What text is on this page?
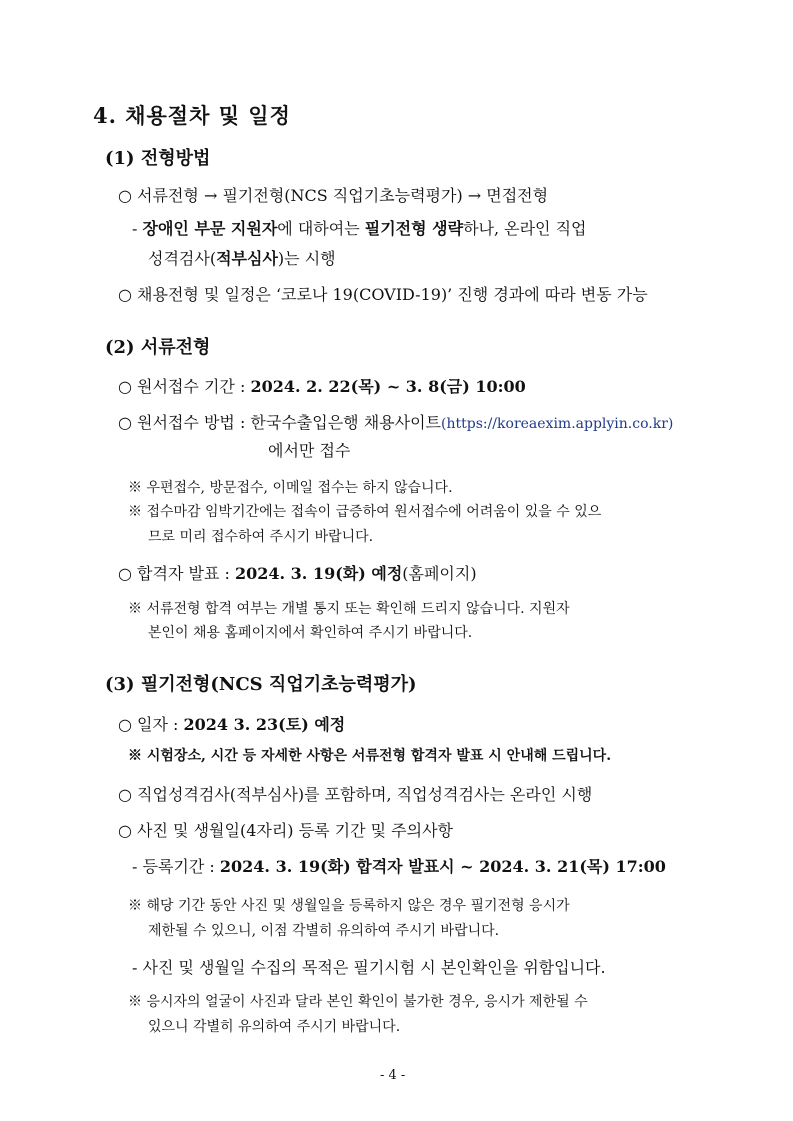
4. 채용절차 및 일정
(1) 전형방법
○ 서류전형 → 필기전형(NCS 직업기초능력평가) → 면접전형
- 장애인 부문 지원자에 대하여는 필기전형 생략하나, 온라인 직업
성격검사(적부심사)는 시행
○ 채용전형 및 일정은 ‘코로나 19(COVID-19)’ 진행 경과에 따라 변동 가능
(2) 서류전형
○ 원서접수 기간 : 2024. 2. 22(목) ~ 3. 8(금) 10:00
○ 원서접수 방법 : 한국수출입은행 채용사이트(https://koreaexim.applyin.co.kr)
에서만 접수
※ 우편접수, 방문접수, 이메일 접수는 하지 않습니다.
※ 접수마감 임박기간에는 접속이 급증하여 원서접수에 어려움이 있을 수 있으
므로 미리 접수하여 주시기 바랍니다.
○ 합격자 발표 : 2024. 3. 19(화) 예정(홈페이지)
※ 서류전형 합격 여부는 개별 통지 또는 확인해 드리지 않습니다. 지원자
본인이 채용 홈페이지에서 확인하여 주시기 바랍니다.
(3) 필기전형(NCS 직업기초능력평가)
○ 일자 : 2024 3. 23(토) 예정
※ 시험장소, 시간 등 자세한 사항은 서류전형 합격자 발표 시 안내해 드립니다.
○ 직업성격검사(적부심사)를 포함하며, 직업성격검사는 온라인 시행
○ 사진 및 생월일(4자리) 등록 기간 및 주의사항
- 등록기간 : 2024. 3. 19(화) 합격자 발표시 ~ 2024. 3. 21(목) 17:00
※ 해당 기간 동안 사진 및 생월일을 등록하지 않은 경우 필기전형 응시가
제한될 수 있으니, 이점 각별히 유의하여 주시기 바랍니다.
- 사진 및 생월일 수집의 목적은 필기시험 시 본인확인을 위함입니다.
※ 응시자의 얼굴이 사진과 달라 본인 확인이 불가한 경우, 응시가 제한될 수
있으니 각별히 유의하여 주시기 바랍니다.
- 4 -
